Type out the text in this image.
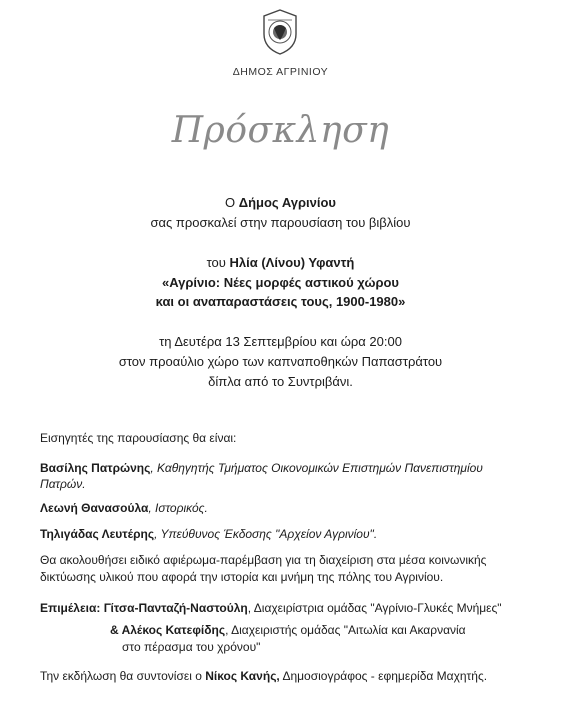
ΔΗΜΟΣ ΑΓΡΙΝΙΟΥ
Πρόσκληση
Ο Δήμος Αγρινίου
σας προσκαλεί στην παρουσίαση του βιβλίου
του Ηλία (Λίνου) Υφαντή
«Αγρίνιο: Νέες μορφές αστικού χώρου
και οι αναπαραστάσεις τους, 1900-1980»
τη Δευτέρα 13 Σεπτεμβρίου και ώρα 20:00
στον προαύλιο χώρο των καπναποθηκών Παπαστράτου
δίπλα από το Συντριβάνι.
Εισηγητές της παρουσίασης θα είναι:
Βασίλης Πατρώνης, Καθηγητής Τμήματος Οικονομικών Επιστημών Πανεπιστημίου
Πατρών.
Λεωνή Θανασούλα, Ιστορικός.
Τηλιγάδας Λευτέρης, Υπεύθυνος Έκδοσης "Αρχείον Αγρινίου".
Θα ακολουθήσει ειδικό αφιέρωμα-παρέμβαση για τη διαχείριση στα μέσα κοινωνικής
δικτύωσης υλικού που αφορά την ιστορία και μνήμη της πόλης του Αγρινίου.
Επιμέλεια: Γίτσα-Πανταζή-Ναστούλη, Διαχειρίστρια ομάδας "Αγρίνιο-Γλυκές Μνήμες"
& Αλέκος Κατεφίδης, Διαχειριστής ομάδας "Αιτωλία και Ακαρνανία
στο πέρασμα του χρόνου"
Την εκδήλωση θα συντονίσει ο Νίκος Κανής, Δημοσιογράφος - εφημερίδα Μαχητής.
